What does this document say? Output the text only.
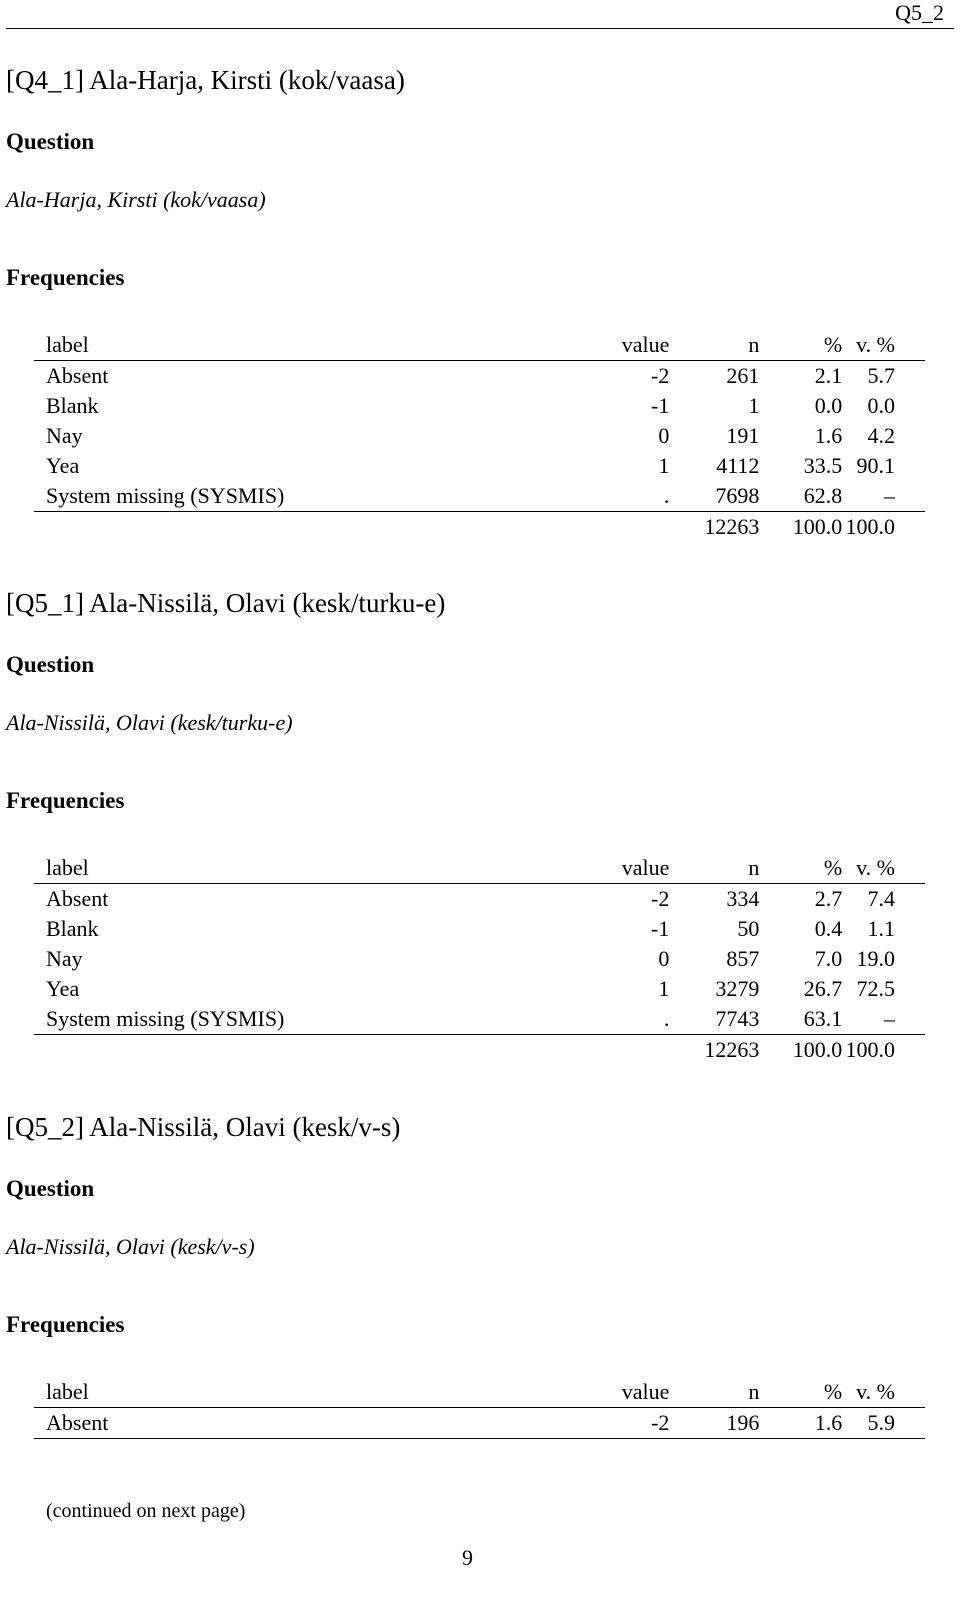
Q5_2
[Q4_1] Ala-Harja, Kirsti (kok/vaasa)
Question
Ala-Harja, Kirsti (kok/vaasa)
Frequencies
label	value	n	%	v. %
Absent	-2	261	2.1	5.7
Blank	-1	1	0.0	0.0
Nay	0	191	1.6	4.2
Yea	1	4112	33.5	90.1
System missing (SYSMIS)	.	7698	62.8	–
		12263	100.0	100.0
[Q5_1] Ala-Nissilä, Olavi (kesk/turku-e)
Question
Ala-Nissilä, Olavi (kesk/turku-e)
Frequencies
label	value	n	%	v. %
Absent	-2	334	2.7	7.4
Blank	-1	50	0.4	1.1
Nay	0	857	7.0	19.0
Yea	1	3279	26.7	72.5
System missing (SYSMIS)	.	7743	63.1	–
		12263	100.0	100.0
[Q5_2] Ala-Nissilä, Olavi (kesk/v-s)
Question
Ala-Nissilä, Olavi (kesk/v-s)
Frequencies
label	value	n	%	v. %
Absent	-2	196	1.6	5.9
(continued on next page)
9
